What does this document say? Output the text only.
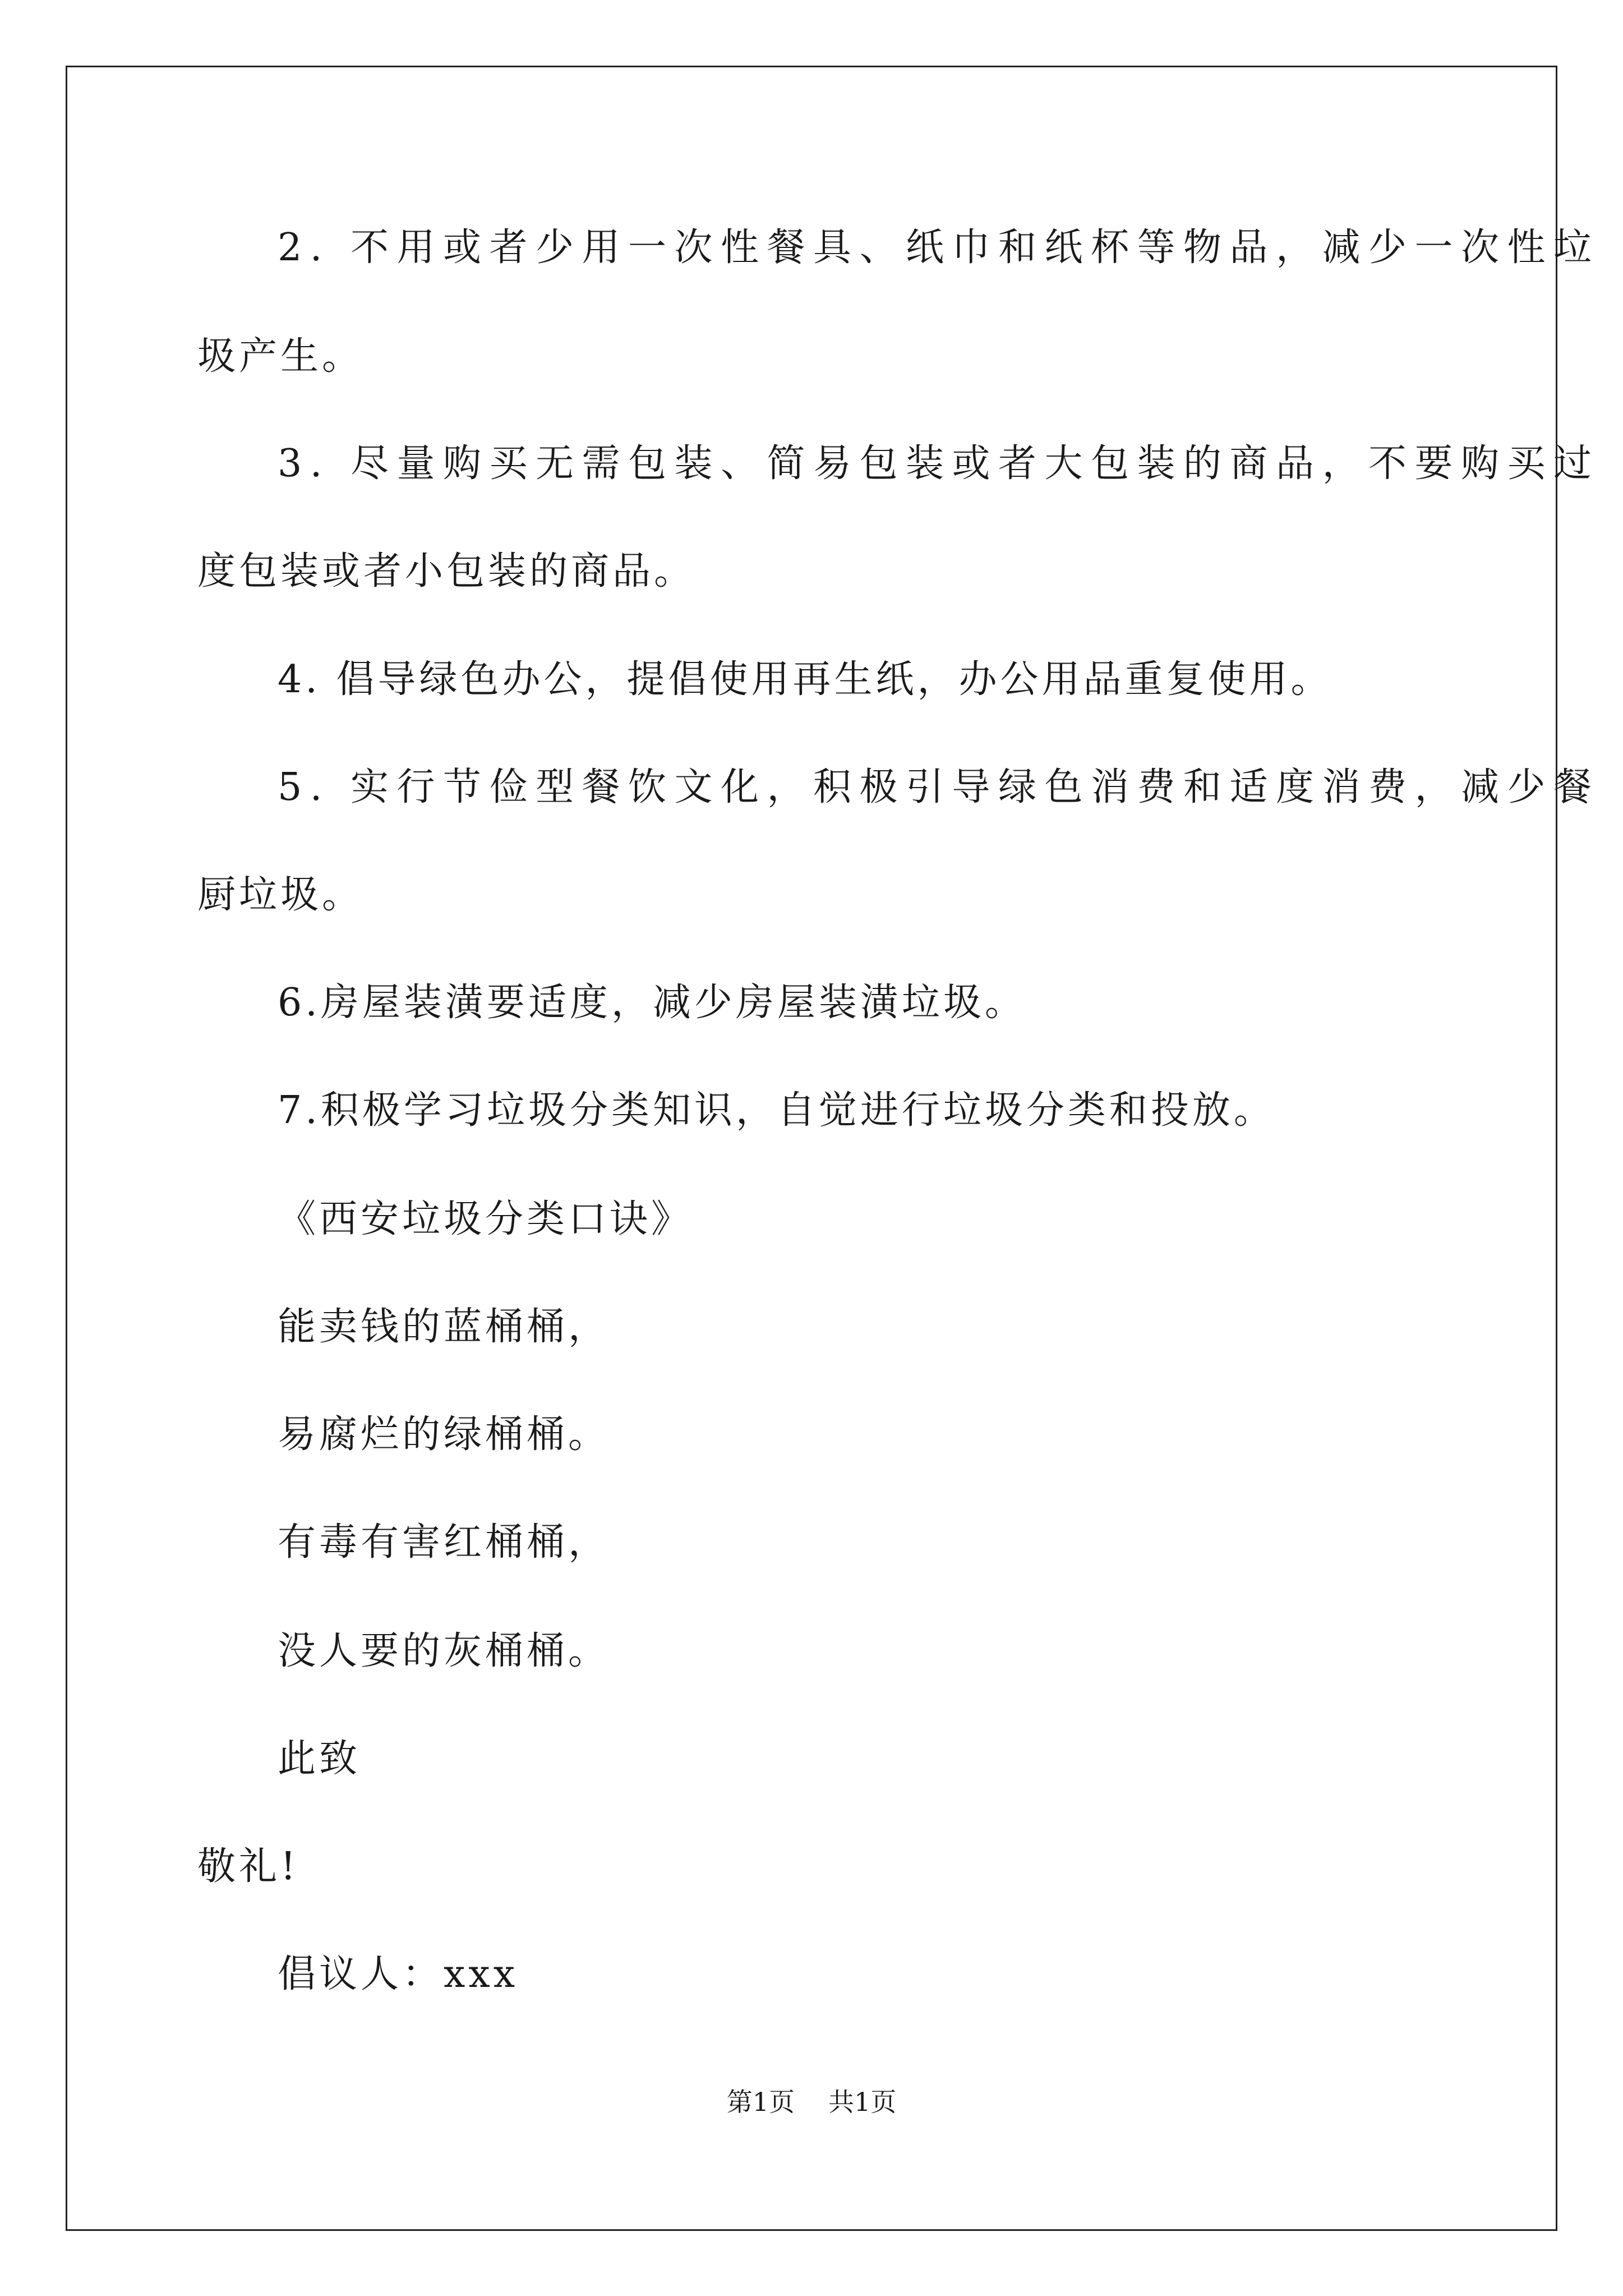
2. 不用或者少用一次性餐具、纸巾和纸杯等物品，减少一次性垃
圾产生。
3. 尽量购买无需包装、简易包装或者大包装的商品，不要购买过
度包装或者小包装的商品。
4. 倡导绿色办公，提倡使用再生纸，办公用品重复使用。
5. 实行节俭型餐饮文化，积极引导绿色消费和适度消费，减少餐
厨垃圾。
6.房屋装潢要适度，减少房屋装潢垃圾。
7.积极学习垃圾分类知识，自觉进行垃圾分类和投放。
《西安垃圾分类口诀》
能卖钱的蓝桶桶，
易腐烂的绿桶桶。
有毒有害红桶桶，
没人要的灰桶桶。
此致
敬礼!
倡议人：xxx
第1页 共1页
